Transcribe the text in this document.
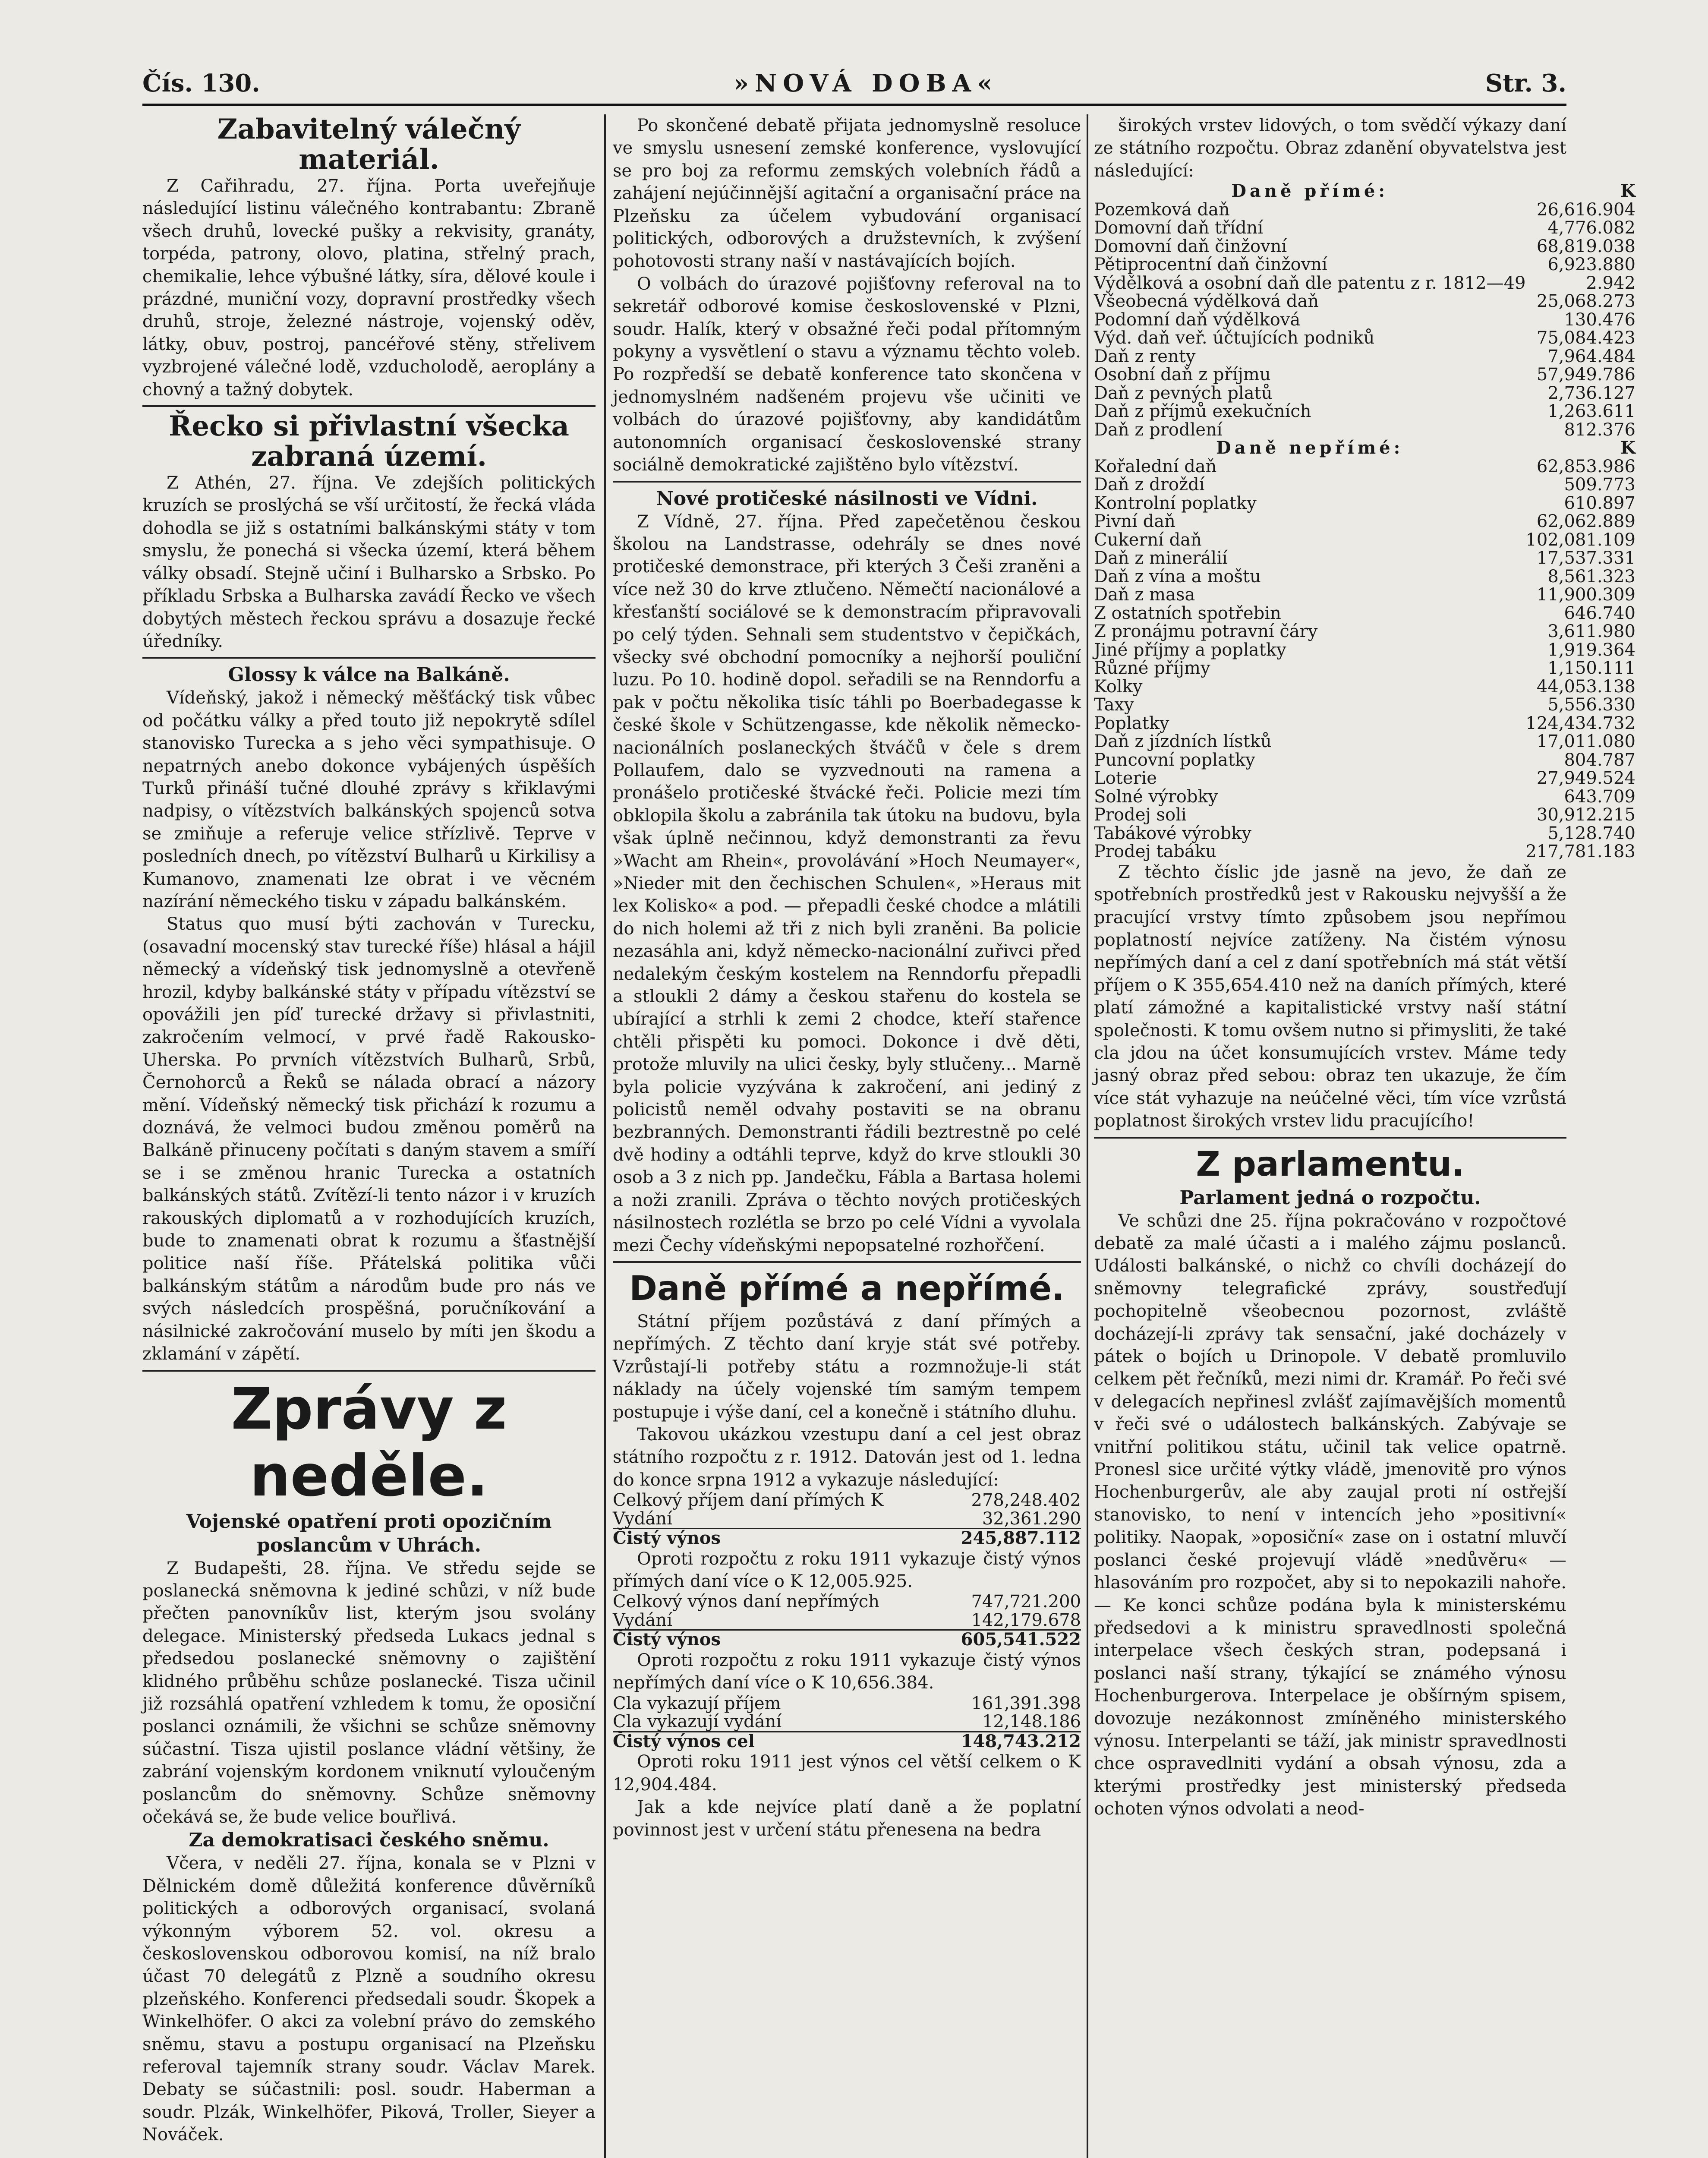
Čís. 130.	»NOVÁ DOBA«	Str. 3.
Zabavitelný válečný materiál.

Z Cařihradu, 27. října. Porta uveřejňuje následující listinu válečného kontrabantu: Zbraně všech druhů, lovecké pušky a rekvisity, granáty, torpéda, patrony, olovo, platina, střelný prach, chemikalie, lehce výbušné látky, síra, dělové koule i prázdné, muniční vozy, dopravní prostředky všech druhů, stroje, železné nástroje, vojenský oděv, látky, obuv, postroj, pancéřové stěny, střelivem vyzbrojené válečné lodě, vzducholodě, aeroplány a chovný a tažný dobytek.

Řecko si přivlastní všecka zabraná území.

Z Athén, 27. října. Ve zdejších politických kruzích se proslýchá se vší určitostí, že řecká vláda dohodla se již s ostatními balkánskými státy v tom smyslu, že ponechá si všecka území, která během války obsadí. Stejně učiní i Bulharsko a Srbsko. Po příkladu Srbska a Bulharska zavádí Řecko ve všech dobytých městech řeckou správu a dosazuje řecké úředníky.

Glossy k válce na Balkáně.

Vídeňský, jakož i německý měšťácký tisk vůbec od počátku války a před touto již nepokrytě sdílel stanovisko Turecka a s jeho věci sympathisuje. O nepatrných anebo dokonce vybájených úspěších Turků přináší tučné dlouhé zprávy s křiklavými nadpisy, o vítězstvích balkánských spojenců sotva se zmiňuje a referuje velice střízlivě. Teprve v posledních dnech, po vítězství Bulharů u Kirkilisy a Kumanovo, znamenati lze obrat i ve věcném nazírání německého tisku v západu balkánském.

Status quo musí býti zachován v Turecku, (osavadní mocenský stav turecké říše) hlásal a hájil německý a vídeňský tisk jednomyslně a otevřeně hrozil, kdyby balkánské státy v případu vítězství se opovážili jen píď turecké državy si přivlastniti, zakročením velmocí, v prvé řadě Rakousko-Uherska. Po prvních vítězstvích Bulharů, Srbů, Černohorců a Řeků se nálada obrací a názory mění. Vídeňský německý tisk přichází k rozumu a doznává, že velmoci budou změnou poměrů na Balkáně přinuceny počítati s daným stavem a smíří se i se změnou hranic Turecka a ostatních balkánských států. Zvítězí-li tento názor i v kruzích rakouských diplomatů a v rozhodujících kruzích, bude to znamenati obrat k rozumu a šťastnější politice naší říše. Přátelská politika vůči balkánským státům a národům bude pro nás ve svých následcích prospěšná, poručníkování a násilnické zakročování muselo by míti jen škodu a zklamání v zápětí.

Zprávy z neděle.
Vojenské opatření proti opozičním poslancům v Uhrách.

Z Budapešti, 28. října. Ve středu sejde se poslanecká sněmovna k jediné schůzi, v níž bude přečten panovníkův list, kterým jsou svolány delegace. Ministerský předseda Lukacs jednal s předsedou poslanecké sněmovny o zajištění klidného průběhu schůze poslanecké. Tisza učinil již rozsáhlá opatření vzhledem k tomu, že oposiční poslanci oznámili, že všichni se schůze sněmovny súčastní. Tisza ujistil poslance vládní většiny, že zabrání vojenským kordonem vniknutí vyloučeným poslancům do sněmovny. Schůze sněmovny očekává se, že bude velice bouřlivá.

Za demokratisaci českého sněmu.

Včera, v neděli 27. října, konala se v Plzni v Dělnickém domě důležitá konference důvěrníků politických a odborových organisací, svolaná výkonným výborem 52. vol. okresu a československou odborovou komisí, na níž bralo účast 70 delegátů z Plzně a soudního okresu plzeňského. Konferenci předsedali soudr. Škopek a Winkelhöfer. O akci za volební právo do zemského sněmu, stavu a postupu organisací na Plzeňsku referoval tajemník strany soudr. Václav Marek. Debaty se súčastnili: posl. soudr. Haberman a soudr. Plzák, Winkelhöfer, Piková, Troller, Sieyer a Nováček.

Po skončené debatě přijata jednomyslně resoluce ve smyslu usnesení zemské konference, vyslovující se pro boj za reformu zemských volebních řádů a zahájení nejúčinnější agitační a organisační práce na Plzeňsku za účelem vybudování organisací politických, odborových a družstevních, k zvýšení pohotovosti strany naší v nastávajících bojích.

O volbách do úrazové pojišťovny referoval na to sekretář odborové komise československé v Plzni, soudr. Halík, který v obsažné řeči podal přítomným pokyny a vysvětlení o stavu a významu těchto voleb. Po rozpředší se debatě konference tato skončena v jednomyslném nadšeném projevu vše učiniti ve volbách do úrazové pojišťovny, aby kandidátům autonomních organisací československé strany sociálně demokratické zajištěno bylo vítězství.

Nové protičeské násilnosti ve Vídni.

Z Vídně, 27. října. Před zapečetěnou českou školou na Landstrasse, odehrály se dnes nové protičeské demonstrace, při kterých 3 Češi zraněni a více než 30 do krve ztlučeno. Němečtí nacionálové a křesťanští sociálové se k demonstracím připravovali po celý týden. Sehnali sem studentstvo v čepičkách, všecky své obchodní pomocníky a nejhorší pouliční luzu. Po 10. hodině dopol. seřadili se na Renndorfu a pak v počtu několika tisíc táhli po Boerbadegasse k české škole v Schützengasse, kde několik německo-nacionálních poslaneckých štváčů v čele s drem Pollaufem, dalo se vyzvednouti na ramena a pronášelo protičeské štvácké řeči. Policie mezi tím obklopila školu a zabránila tak útoku na budovu, byla však úplně nečinnou, když demonstranti za řevu »Wacht am Rhein«, provolávání »Hoch Neumayer«, »Nieder mit den čechischen Schulen«, »Heraus mit lex Kolisko« a pod. — přepadli české chodce a mlátili do nich holemi až tři z nich byli zraněni. Ba policie nezasáhla ani, když německo-nacionální zuřivci před nedalekým českým kostelem na Renndorfu přepadli a stloukli 2 dámy a českou stařenu do kostela se ubírající a strhli k zemi 2 chodce, kteří stařence chtěli přispěti ku pomoci. Dokonce i dvě děti, protože mluvily na ulici česky, byly stlučeny... Marně byla policie vyzývána k zakročení, ani jediný z policistů neměl odvahy postaviti se na obranu bezbranných. Demonstranti řádili beztrestně po celé dvě hodiny a odtáhli teprve, když do krve stloukli 30 osob a 3 z nich pp. Jandečku, Fábla a Bartasa holemi a noži zranili. Zpráva o těchto nových protičeských násilnostech rozlétla se brzo po celé Vídni a vyvolala mezi Čechy vídeňskými nepopsatelné rozhořčení.

Daně přímé a nepřímé.

Státní příjem pozůstává z daní přímých a nepřímých. Z těchto daní kryje stát své potřeby. Vzrůstají-li potřeby státu a rozmnožuje-li stát náklady na účely vojenské tím samým tempem postupuje i výše daní, cel a konečně i státního dluhu.

Takovou ukázkou vzestupu daní a cel jest obraz státního rozpočtu z r. 1912. Datován jest od 1. ledna do konce srpna 1912 a vykazuje následující:

Celkový příjem daní přímých K	278,248.402
Vydání	32,361.290
Čistý výnos	245,887.112

Oproti rozpočtu z roku 1911 vykazuje čistý výnos přímých daní více o K 12,005.925.

Celkový výnos daní nepřímých	747,721.200
Vydání	142,179.678
Čistý výnos	605,541.522

Oproti rozpočtu z roku 1911 vykazuje čistý výnos nepřímých daní více o K 10,656.384.

Cla vykazují příjem	161,391.398
Cla vykazují vydání	12,148.186
Čistý výnos cel	148,743.212

Oproti roku 1911 jest výnos cel větší celkem o K 12,904.484.

Jak a kde nejvíce platí daně a že poplatní povinnost jest v určení státu přenesena na bedra

širokých vrstev lidových, o tom svědčí výkazy daní ze státního rozpočtu. Obraz zdanění obyvatelstva jest následující:

Daně přímé:	K
Pozemková daň	26,616.904
Domovní daň třídní	4,776.082
Domovní daň činžovní	68,819.038
Pětiprocentní daň činžovní	6,923.880
Výdělková a osobní daň dle patentu z r. 1812—49	2.942
Všeobecná výdělková daň	25,068.273
Podomní daň výdělková	130.476
Výd. daň veř. účtujících podniků	75,084.423
Daň z renty	7,964.484
Osobní daň z příjmu	57,949.786
Daň z pevných platů	2,736.127
Daň z příjmů exekučních	1,263.611
Daň z prodlení	812.376
Daně nepřímé:	K
Kořalední daň	62,853.986
Daň z droždí	509.773
Kontrolní poplatky	610.897
Pivní daň	62,062.889
Cukerní daň	102,081.109
Daň z minerálií	17,537.331
Daň z vína a moštu	8,561.323
Daň z masa	11,900.309
Z ostatních spotřebin	646.740
Z pronájmu potravní čáry	3,611.980
Jiné příjmy a poplatky	1,919.364
Různé příjmy	1,150.111
Kolky	44,053.138
Taxy	5,556.330
Poplatky	124,434.732
Daň z jízdních lístků	17,011.080
Puncovní poplatky	804.787
Loterie	27,949.524
Solné výrobky	643.709
Prodej soli	30,912.215
Tabákové výrobky	5,128.740
Prodej tabáku	217,781.183

Z těchto číslic jde jasně na jevo, že daň ze spotřebních prostředků jest v Rakousku nejvyšší a že pracující vrstvy tímto způsobem jsou nepřímou poplatností nejvíce zatíženy. Na čistém výnosu nepřímých daní a cel z daní spotřebních má stát větší příjem o K 355,654.410 než na daních přímých, které platí zámožné a kapitalistické vrstvy naší státní společnosti. K tomu ovšem nutno si přimysliti, že také cla jdou na účet konsumujících vrstev. Máme tedy jasný obraz před sebou: obraz ten ukazuje, že čím více stát vyhazuje na neúčelné věci, tím více vzrůstá poplatnost širokých vrstev lidu pracujícího!

Z parlamentu.
Parlament jedná o rozpočtu.

Ve schůzi dne 25. října pokračováno v rozpočtové debatě za malé účasti a i malého zájmu poslanců. Události balkánské, o nichž co chvíli docházejí do sněmovny telegrafické zprávy, soustřeďují pochopitelně všeobecnou pozornost, zvláště docházejí-li zprávy tak sensační, jaké docházely v pátek o bojích u Drinopole. V debatě promluvilo celkem pět řečníků, mezi nimi dr. Kramář. Po řeči své v delegacích nepřinesl zvlášť zajímavějších momentů v řeči své o událostech balkánských. Zabývaje se vnitřní politikou státu, učinil tak velice opatrně. Pronesl sice určité výtky vládě, jmenovitě pro výnos Hochenburgerův, ale aby zaujal proti ní ostřejší stanovisko, to není v intencích jeho »positivní« politiky. Naopak, »oposiční« zase on i ostatní mluvčí poslanci české projevují vládě »nedůvěru« — hlasováním pro rozpočet, aby si to nepokazili nahoře. — Ke konci schůze podána byla k ministerskému předsedovi a k ministru spravedlnosti společná interpelace všech českých stran, podepsaná i poslanci naší strany, týkající se známého výnosu Hochenburgerova. Interpelace je obšírným spisem, dovozuje nezákonnost zmíněného ministerského výnosu. Interpelanti se táží, jak ministr spravedlnosti chce ospravedlniti vydání a obsah výnosu, zda a kterými prostředky jest ministerský předseda ochoten výnos odvolati a neod-
